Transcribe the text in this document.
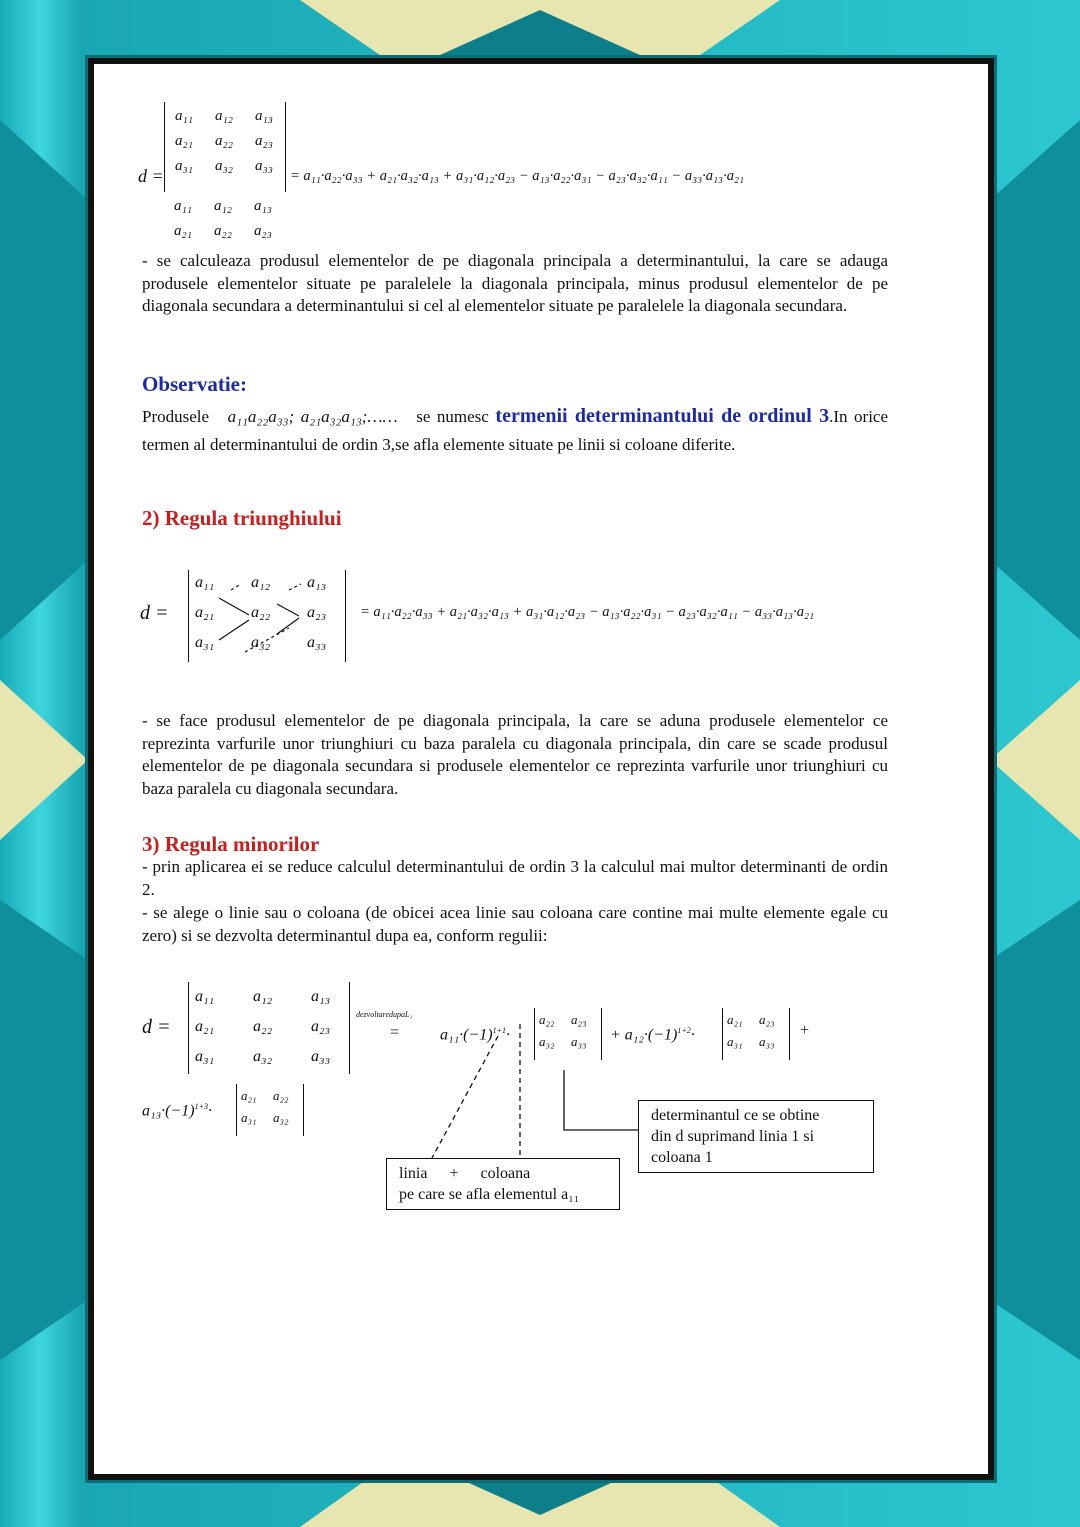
d =
a₁₁	a₁₂	a₁₃
a₂₁	a₂₂	a₂₃
a₃₁	a₃₂	a₃₃
a₁₁	a₁₂	a₁₃
a₂₁	a₂₂	a₂₃
= a₁₁·a₂₂·a₃₃ + a₂₁·a₃₂·a₁₃ + a₃₁·a₁₂·a₂₃ − a₁₃·a₂₂·a₃₁ − a₂₃·a₃₂·a₁₁ − a₃₃·a₁₃·a₂₁
- se calculeaza produsul elementelor de pe diagonala principala a determinantului, la care se adauga produsele elementelor situate pe paralelele la diagonala principala, minus produsul elementelor de pe diagonala secundara a determinantului si cel al elementelor situate pe paralelele la diagonala secundara.
Observatie:
Produsele a₁₁a₂₂a₃₃; a₂₁a₃₂a₁₃;…… se numesc termenii determinantului de ordinul 3.In orice termen al determinantului de ordin 3,se afla elemente situate pe linii si coloane diferite.
2) Regula triunghiului
d =
a₁₁	a₁₂	a₁₃
a₂₁	a₂₂	a₂₃
a₃₁	a₃₂	a₃₃
= a₁₁·a₂₂·a₃₃ + a₂₁·a₃₂·a₁₃ + a₃₁·a₁₂·a₂₃ − a₁₃·a₂₂·a₃₁ − a₂₃·a₃₂·a₁₁ − a₃₃·a₁₃·a₂₁
- se face produsul elementelor de pe diagonala principala, la care se aduna produsele elementelor ce reprezinta varfurile unor triunghiuri cu baza paralela cu diagonala principala, din care se scade produsul elementelor de pe diagonala secundara si produsele elementelor ce reprezinta varfurile unor triunghiuri cu baza paralela cu diagonala secundara.
3) Regula minorilor
- prin aplicarea ei se reduce calculul determinantului de ordin 3 la calculul mai multor determinanti de ordin 2.
- se alege o linie sau o coloana (de obicei acea linie sau coloana care contine mai multe elemente egale cu zero) si se dezvolta determinantul dupa ea, conform regulii:
d =
a₁₁	a₁₂	a₁₃
a₂₁	a₂₂	a₂₃
a₃₁	a₃₂	a₃₃
dezvoltaredupaL₁
=	$a_{11}\cdot(-1)^{1+1}\cdot$
a₂₂	a₂₃
a₃₂	a₃₃	+ $a_{12}\cdot(-1)^{1+2}\cdot$
a₂₁	a₂₃
a₃₁	a₃₃
+
$a_{13}\cdot(-1)^{1+3}\cdot$
a₂₁	a₂₂
a₃₁	a₃₂
linia + coloana
pe care se afla elementul a₁₁
determinantul ce se obtine
din d suprimand linia 1 si
coloana 1
